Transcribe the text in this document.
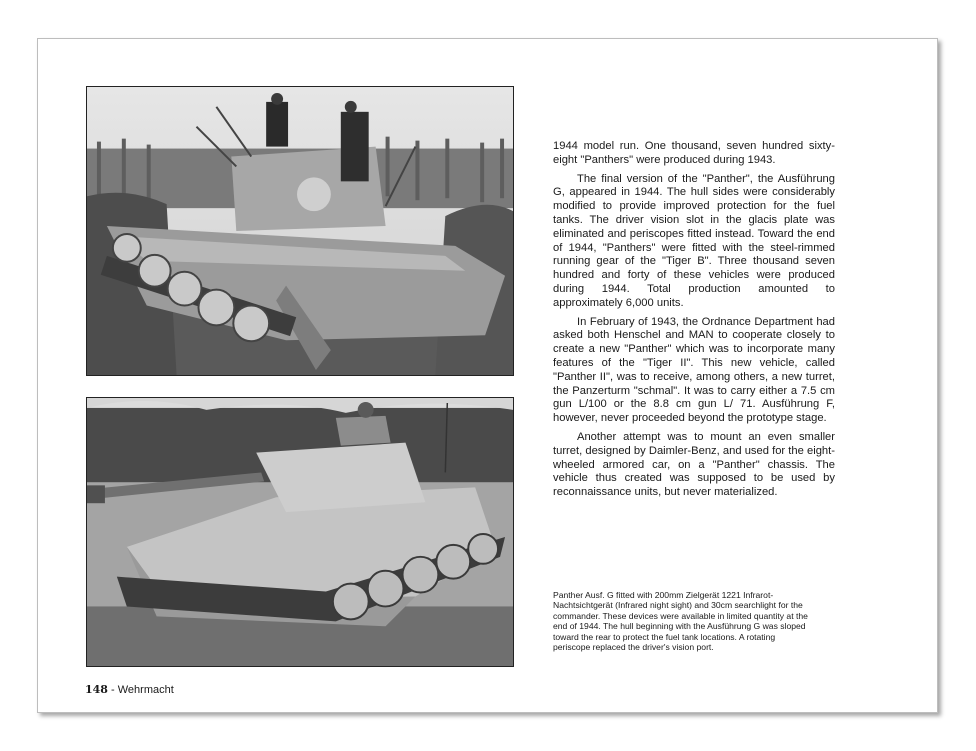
1944 model run. One thousand, seven hundred sixty-eight "Panthers" were produced during 1943.

The final version of the "Panther", the Ausführung G, appeared in 1944. The hull sides were considerably modified to provide improved protection for the fuel tanks. The driver vision slot in the glacis plate was eliminated and periscopes fitted instead. Toward the end of 1944, "Panthers" were fitted with the steel-rimmed running gear of the "Tiger B". Three thousand seven hundred and forty of these vehicles were produced during 1944. Total production amounted to approximately 6,000 units.

In February of 1943, the Ordnance Department had asked both Henschel and MAN to cooperate closely to create a new "Panther" which was to incorporate many features of the "Tiger II". This new vehicle, called "Panther II", was to receive, among others, a new turret, the Panzerturm "schmal". It was to carry either a 7.5 cm gun L/100 or the 8.8 cm gun L/ 71. Ausführung F, however, never proceeded beyond the prototype stage.

Another attempt was to mount an even smaller turret, designed by Daimler-Benz, and used for the eight-wheeled armored car, on a "Panther" chassis. The vehicle thus created was supposed to be used by reconnaissance units, but never materialized.

Panther Ausf. G fitted with 200mm Zielgerät 1221 Infrarot-Nachtsichtgerät (Infrared night sight) and 30cm searchlight for the commander. These devices were available in limited quantity at the end of 1944. The hull beginning with the Ausführung G was sloped toward the rear to protect the fuel tank locations. A rotating periscope replaced the driver's vision port.
148 - Wehrmacht
